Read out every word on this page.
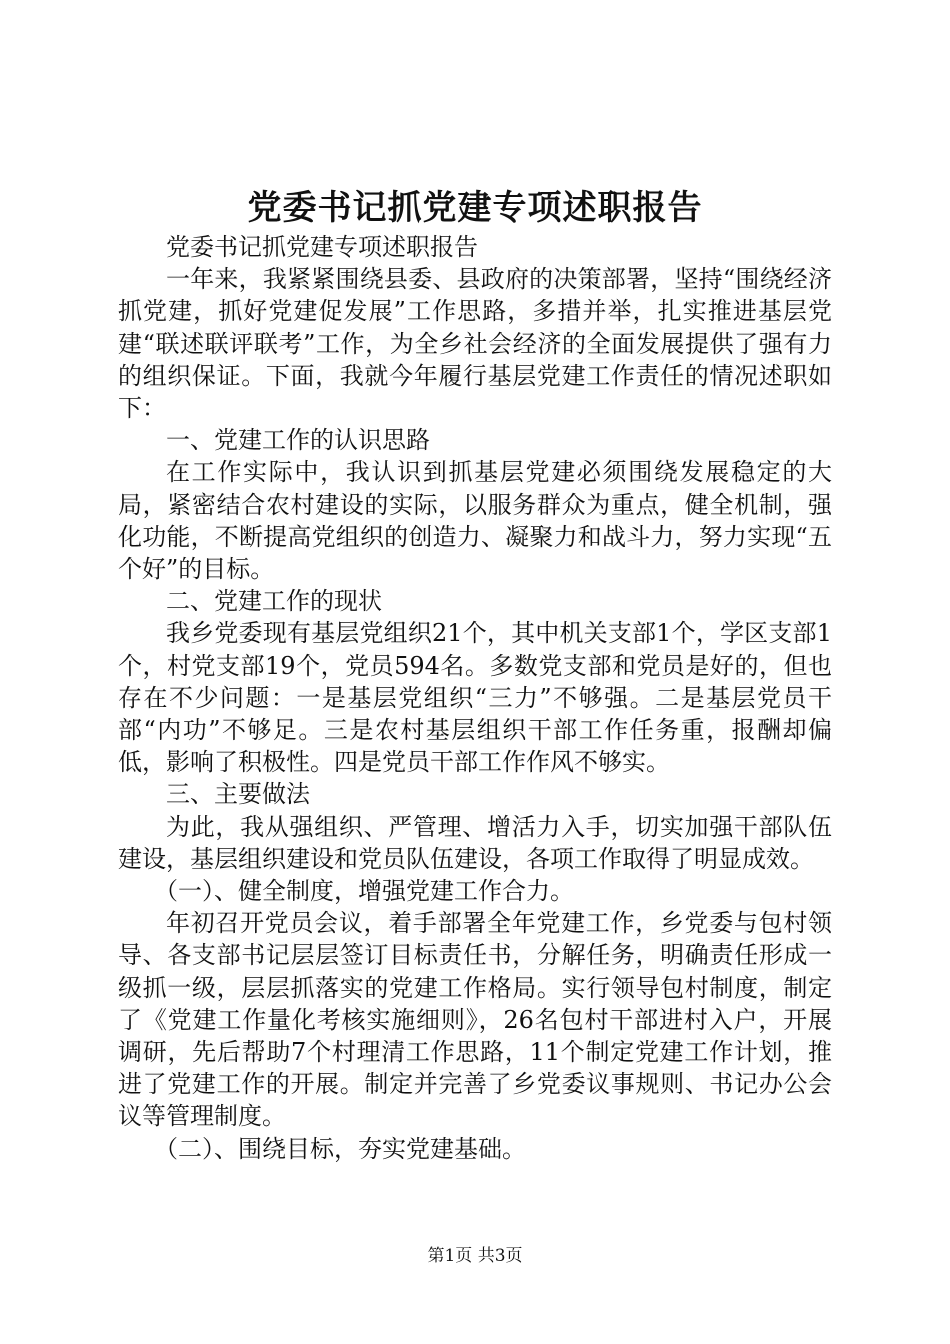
党委书记抓党建专项述职报告

党委书记抓党建专项述职报告

一年来，我紧紧围绕县委、县政府的决策部署，坚持“围绕经济抓党建，抓好党建促发展”工作思路，多措并举，扎实推进基层党建“联述联评联考”工作，为全乡社会经济的全面发展提供了强有力的组织保证。下面，我就今年履行基层党建工作责任的情况述职如下：

一、党建工作的认识思路

在工作实际中，我认识到抓基层党建必须围绕发展稳定的大局，紧密结合农村建设的实际，以服务群众为重点，健全机制，强化功能，不断提高党组织的创造力、凝聚力和战斗力，努力实现“五个好”的目标。

二、党建工作的现状

我乡党委现有基层党组织21个，其中机关支部1个，学区支部1个，村党支部19个，党员594名。多数党支部和党员是好的，但也存在不少问题：一是基层党组织“三力”不够强。二是基层党员干部“内功”不够足。三是农村基层组织干部工作任务重，报酬却偏低，影响了积极性。四是党员干部工作作风不够实。

三、主要做法

为此，我从强组织、严管理、增活力入手，切实加强干部队伍建设，基层组织建设和党员队伍建设，各项工作取得了明显成效。

（一）、健全制度，增强党建工作合力。

年初召开党员会议，着手部署全年党建工作，乡党委与包村领导、各支部书记层层签订目标责任书，分解任务，明确责任形成一级抓一级，层层抓落实的党建工作格局。实行领导包村制度，制定了《党建工作量化考核实施细则》，26名包村干部进村入户，开展调研，先后帮助7个村理清工作思路，11个制定党建工作计划，推进了党建工作的开展。制定并完善了乡党委议事规则、书记办公会议等管理制度。

（二）、围绕目标，夯实党建基础。

第1页 共3页
